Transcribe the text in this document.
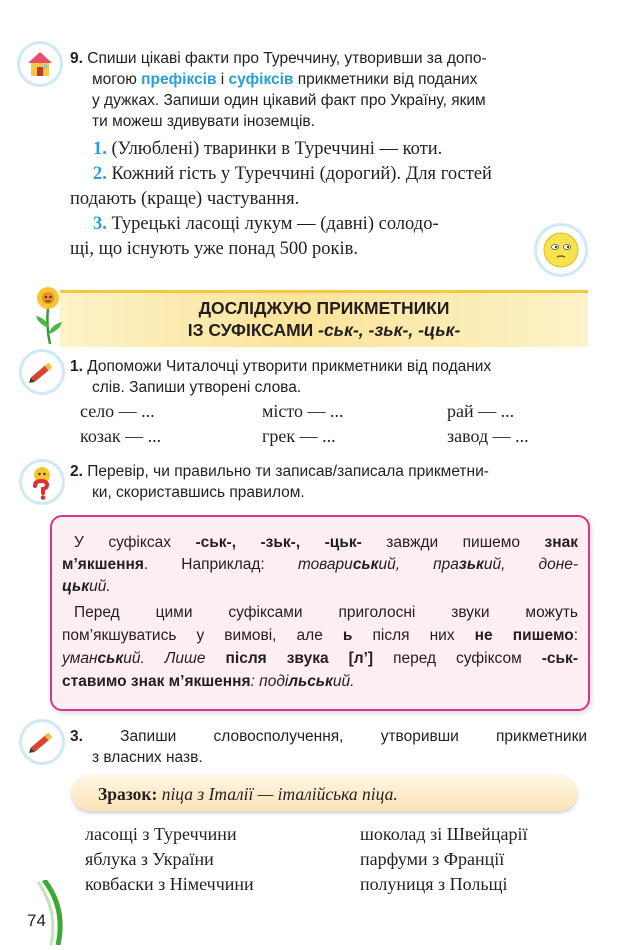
9. Спиши цікаві факти про Туреччину, утворивши за допо-
могою префіксів і суфіксів прикметники від поданих
у дужках. Запиши один цікавий факт про Україну, яким
ти можеш здивувати іноземців.
1. (Улюблені) тваринки в Туреччині — коти.
2. Кожний гість у Туреччині (дорогий). Для гостей
подають (краще) частування.
3. Турецькі ласощі лукум — (давні) солодо-
щі, що існують уже понад 500 років.
ДОСЛІДЖУЮ ПРИКМЕТНИКИ
ІЗ СУФІКСАМИ -ськ-, -зьк-, -цьк-
1. Допоможи Читалочці утворити прикметники від поданих
слів. Запиши утворені слова.
село — ...	місто — ...	рай — ...
козак — ...	грек — ...	завод — ...
2. Перевір, чи правильно ти записав/записала прикметни-
ки, скориставшись правилом.
У суфіксах -ськ-, -зьк-, -цьк- завжди пишемо знак
м’якшення. Наприклад: товариський, празький, доне-
цький.
Перед цими суфіксами приголосні звуки можуть
пом’якшуватись у вимові, але ь після них не пишемо:
уманський. Лише після звука [л’] перед суфіксом -ськ-
ставимо знак м’якшення: подільський.
3. Запиши словосполучення, утворивши прикметники
з власних назв.
Зразок: піца з Італії — італійська піца.
ласощі з Туреччини
яблука з України
ковбаски з Німеччини
шоколад зі Швейцарії
парфуми з Франції
полуниця з Польщі
74
